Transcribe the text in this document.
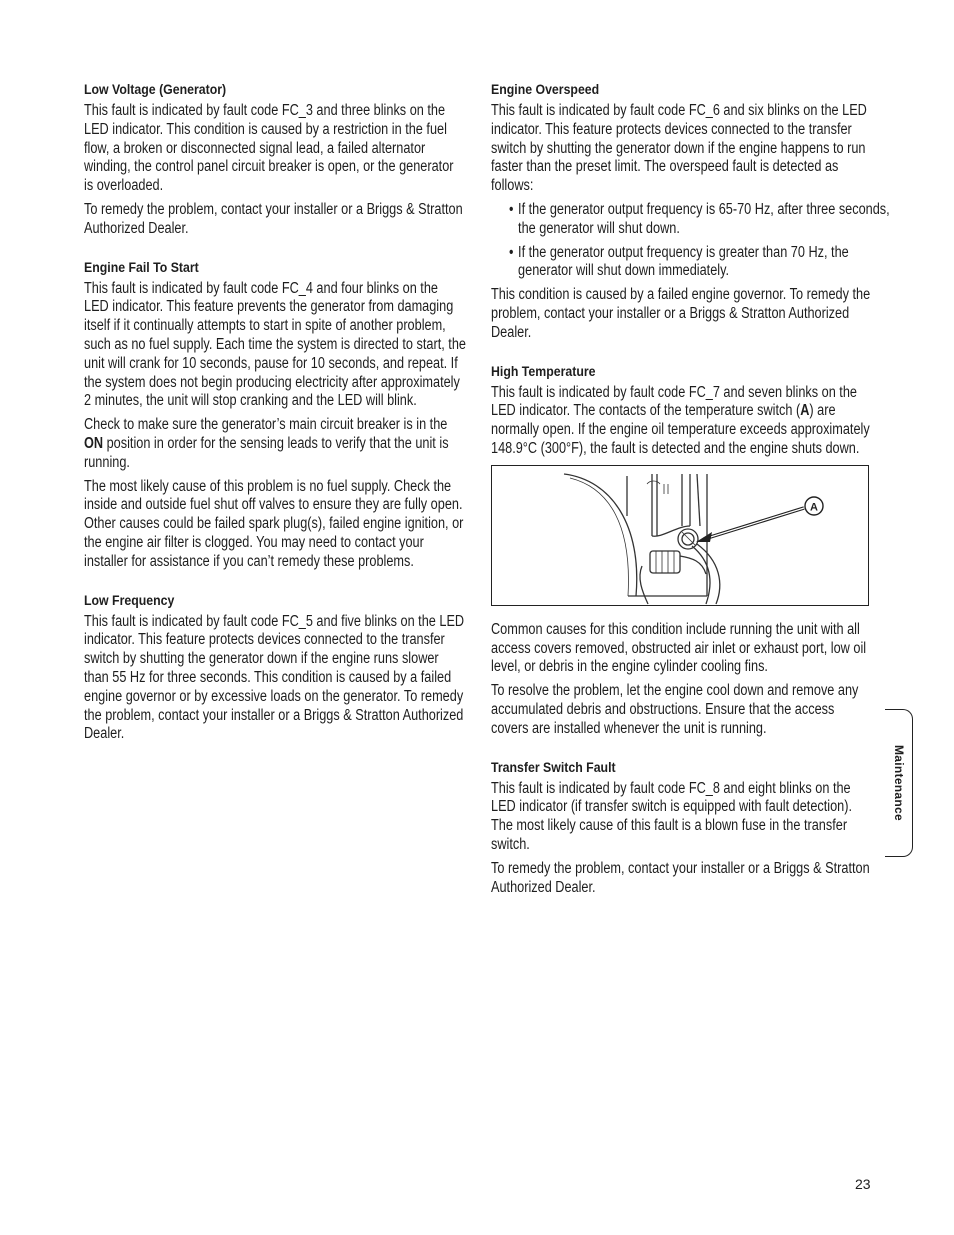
Low Voltage (Generator)

This fault is indicated by fault code FC_3 and three blinks on the LED indicator. This condition is caused by a restriction in the fuel flow, a broken or disconnected signal lead, a failed alternator winding, the control panel circuit breaker is open, or the generator is overloaded.

To remedy the problem, contact your installer or a Briggs & Stratton Authorized Dealer.

Engine Fail To Start

This fault is indicated by fault code FC_4 and four blinks on the LED indicator. This feature prevents the generator from damaging itself if it continually attempts to start in spite of another problem, such as no fuel supply. Each time the system is directed to start, the unit will crank for 10 seconds, pause for 10 seconds, and repeat. If the system does not begin producing electricity after approximately 2 minutes, the unit will stop cranking and the LED will blink.

Check to make sure the generator’s main circuit breaker is in the ON position in order for the sensing leads to verify that the unit is running.

The most likely cause of this problem is no fuel supply. Check the inside and outside fuel shut off valves to ensure they are fully open. Other causes could be failed spark plug(s), failed engine ignition, or the engine air filter is clogged. You may need to contact your installer for assistance if you can’t remedy these problems.

Low Frequency

This fault is indicated by fault code FC_5 and five blinks on the LED indicator. This feature protects devices connected to the transfer switch by shutting the generator down if the engine runs slower than 55 Hz for three seconds. This condition is caused by a failed engine governor or by excessive loads on the generator. To remedy the problem, contact your installer or a Briggs & Stratton Authorized Dealer.

Engine Overspeed

This fault is indicated by fault code FC_6 and six blinks on the LED indicator. This feature protects devices connected to the transfer switch by shutting the generator down if the engine happens to run faster than the preset limit. The overspeed fault is detected as follows:

• If the generator output frequency is 65-70 Hz, after three seconds, the generator will shut down.
• If the generator output frequency is greater than 70 Hz, the generator will shut down immediately.

This condition is caused by a failed engine governor. To remedy the problem, contact your installer or a Briggs & Stratton Authorized Dealer.

High Temperature

This fault is indicated by fault code FC_7 and seven blinks on the LED indicator. The contacts of the temperature switch (A) are normally open. If the engine oil temperature exceeds approximately 148.9°C (300°F), the fault is detected and the engine shuts down.

A

Common causes for this condition include running the unit with all access covers removed, obstructed air inlet or exhaust port, low oil level, or debris in the engine cylinder cooling fins.

To resolve the problem, let the engine cool down and remove any accumulated debris and obstructions. Ensure that the access covers are installed whenever the unit is running.

Transfer Switch Fault

This fault is indicated by fault code FC_8 and eight blinks on the LED indicator (if transfer switch is equipped with fault detection). The most likely cause of this fault is a blown fuse in the transfer switch.

To remedy the problem, contact your installer or a Briggs & Stratton Authorized Dealer.

Maintenance
23
